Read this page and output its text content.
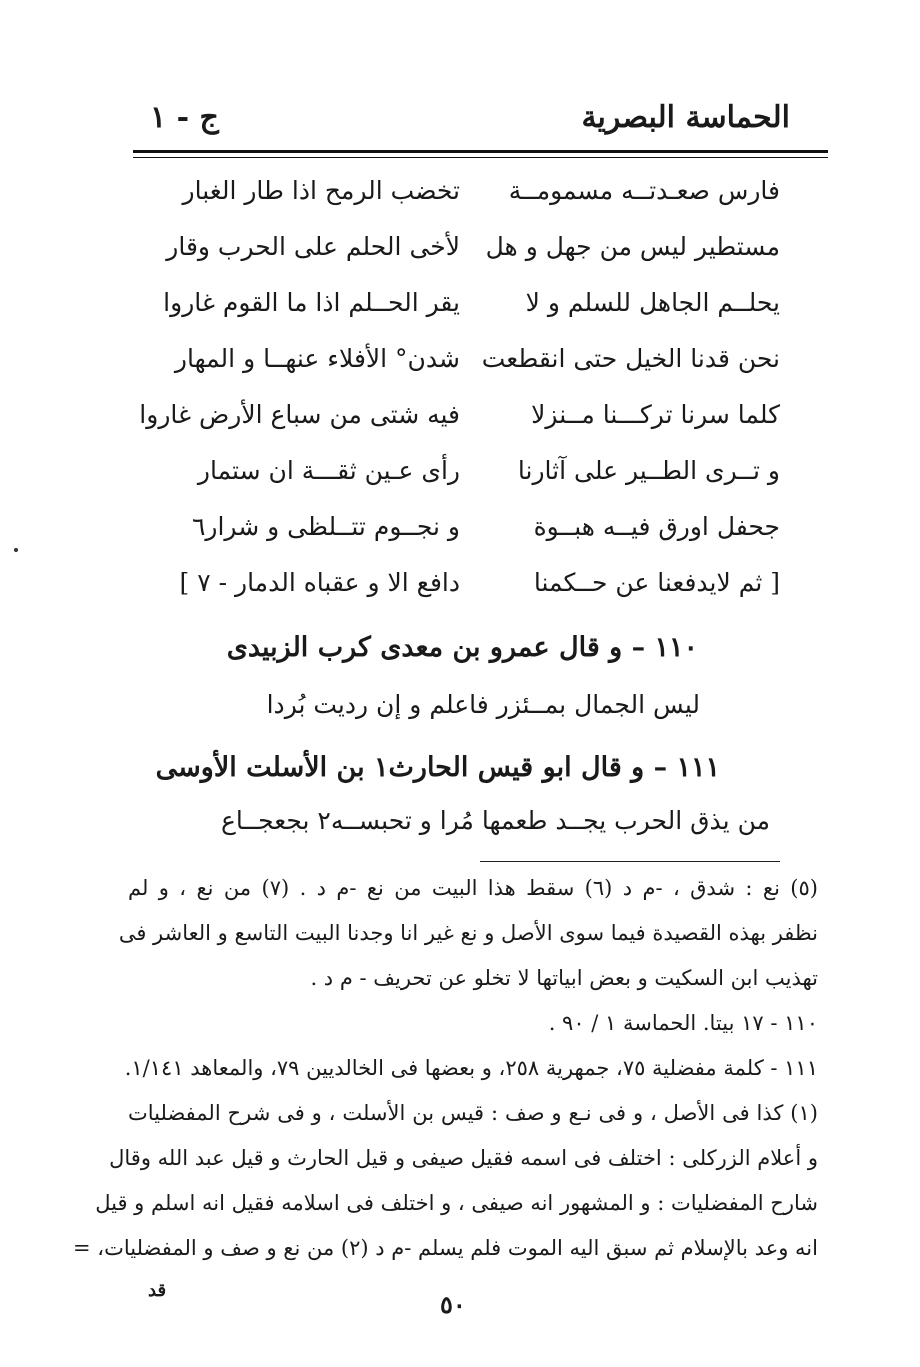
الحماسة البصرية
ج - ١
فارس صعـدتــه مسمومــة
تخضب الرمح اذا طار الغبار
مستطير ليس من جهل و هل
لأخى الحلم على الحرب وقار
يحلــم الجاهل للسلم و لا
يقر الحــلم اذا ما القوم غاروا
نحن قدنا الخيل حتى انقطعت
شدن° الأفلاء عنهــا و المهار
كلما سرنا تركـــنا مــنزلا
فيه شتى من سباع الأرض غاروا
و تــرى الطــير على آثارنا
رأى عـين ثقـــة ان ستمار
جحفل اورق فيــه هبــوة
و نجــوم تتــلظى و شرار٦
[ ثم لايدفعنا عن حــكمنا
دافع الا و عقباه الدمار - ٧ ]
١١٠ – و قال عمرو بن معدى كرب الزبيدى
ليس الجمال بمــئزر فاعلم و إن رديت بُردا
١١١ – و قال ابو قيس الحارث١ بن الأسلت الأوسى
من يذق الحرب يجــد طعمها مُرا و تحبســه٢ بجعجــاع
(٥) نع : شدق ، -م د (٦) سقط هذا البيت من نع -م د . (٧) من نع ، و لم
نظفر بهذه القصيدة فيما سوى الأصل و نع غير انا وجدنا البيت التاسع و العاشر فى
تهذيب ابن السكيت و بعض ابياتها لا تخلو عن تحريف - م د .
١١٠ - ١٧ بيتا. الحماسة ١ / ٩٠ .
١١١ - كلمة مفضلية ٧٥، جمهرية ٢٥٨، و بعضها فى الخالديين ٧٩، والمعاهد ١/١٤١.
(١) كذا فى الأصل ، و فى نـع و صف : قيس بن الأسلت ، و فى شرح المفضليات
و أعلام الزركلى : اختلف فى اسمه فقيل صيفى و قيل الحارث و قيل عبد الله وقال
شارح المفضليات : و المشهور انه صيفى ، و اختلف فى اسلامه فقيل انه اسلم و قيل
انه وعد بالإسلام ثم سبق اليه الموت فلم يسلم -م د (٢) من نع و صف و المفضليات، =
٥٠
قد
